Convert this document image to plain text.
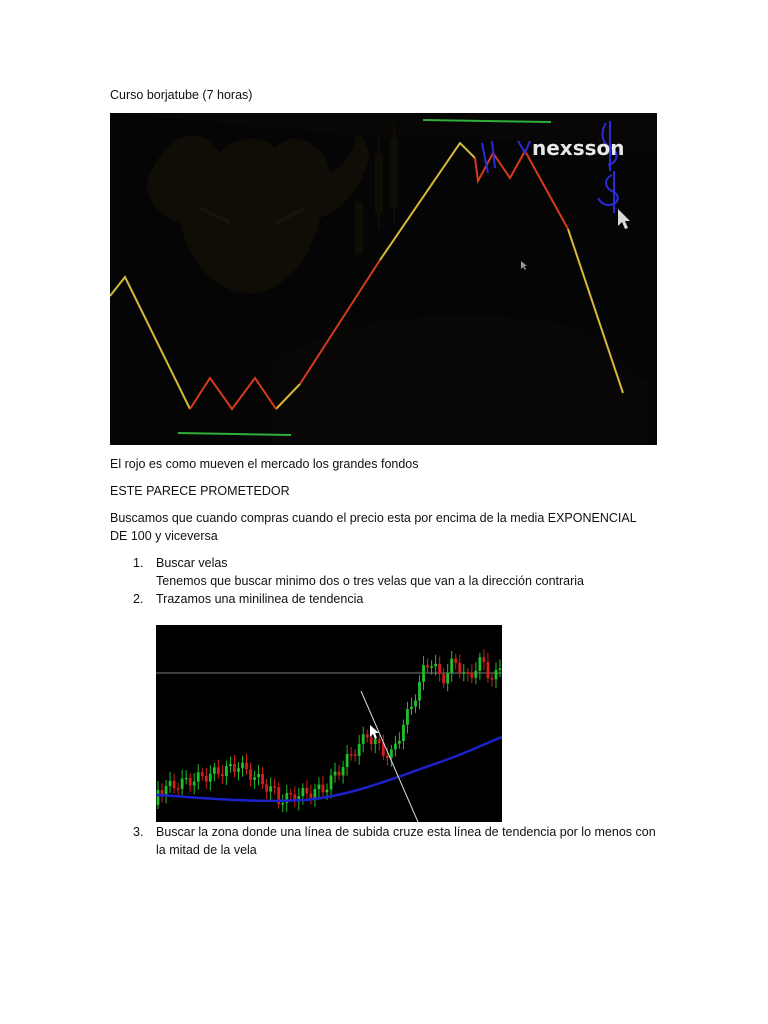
Curso borjatube (7 horas)
nexsson
El rojo es como mueven el mercado los grandes fondos
ESTE PARECE PROMETEDOR
Buscamos que cuando compras cuando el precio esta por encima de la media EXPONENCIAL DE 100 y viceversa
1. Buscar velas
Tenemos que buscar minimo dos o tres velas que van a la dirección contraria
2. Trazamos una minilinea de tendencia
3. Buscar la zona donde una línea de subida cruze esta línea de tendencia por lo menos con la mitad de la vela
